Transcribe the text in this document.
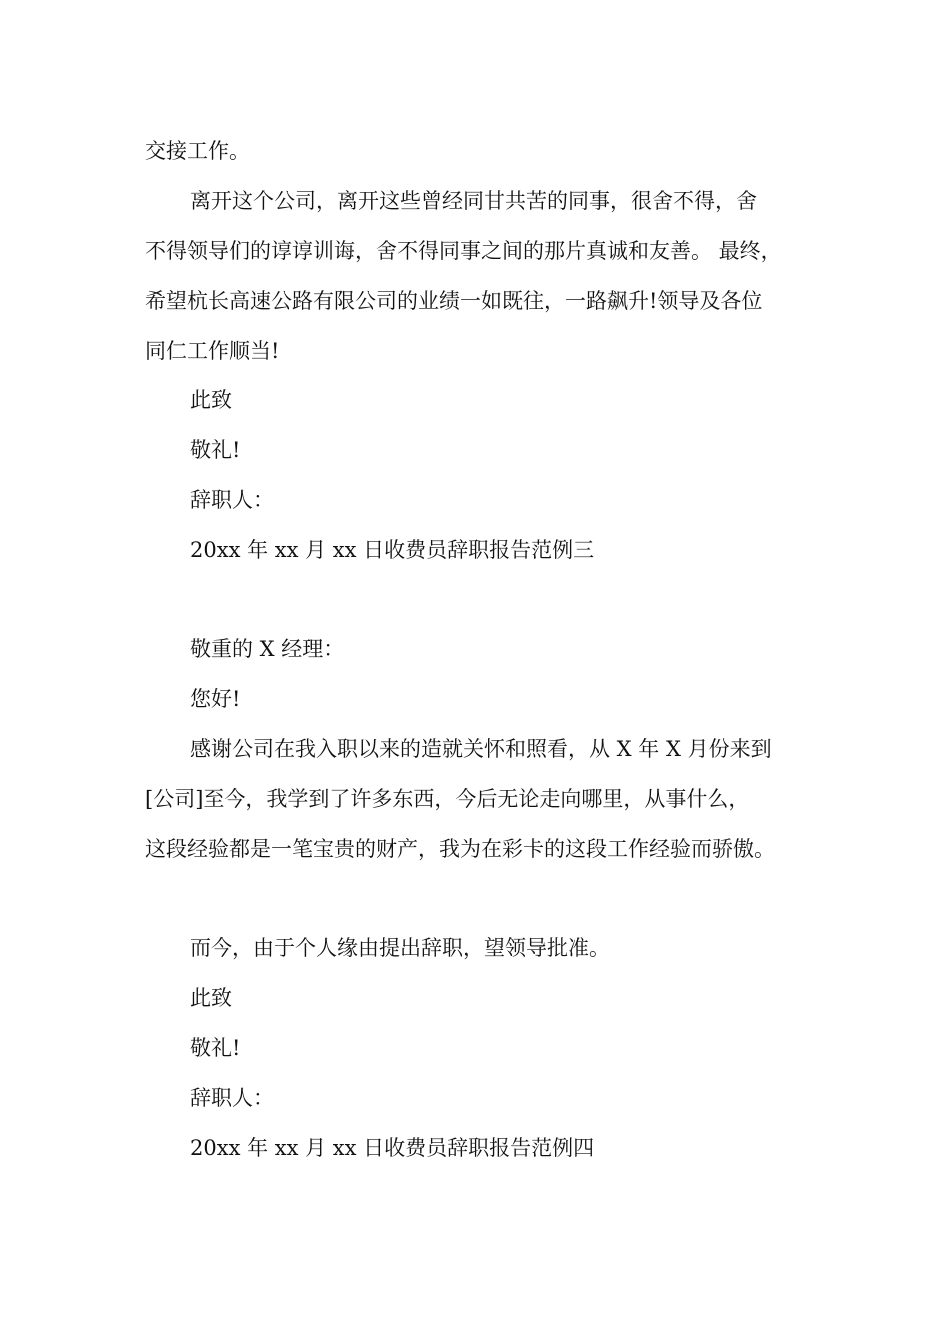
交接工作。
离开这个公司，离开这些曾经同甘共苦的同事，很舍不得，舍
不得领导们的谆谆训诲，舍不得同事之间的那片真诚和友善。 最终，
希望杭长高速公路有限公司的业绩一如既往，一路飙升!领导及各位
同仁工作顺当!
此致
敬礼!
辞职人：
20xx 年 xx 月 xx 日收费员辞职报告范例三
敬重的 X 经理：
您好!
感谢公司在我入职以来的造就关怀和照看，从 X 年 X 月份来到
[公司]至今，我学到了许多东西，今后无论走向哪里，从事什么，
这段经验都是一笔宝贵的财产，我为在彩卡的这段工作经验而骄傲。
而今，由于个人缘由提出辞职，望领导批准。
此致
敬礼!
辞职人：
20xx 年 xx 月 xx 日收费员辞职报告范例四
